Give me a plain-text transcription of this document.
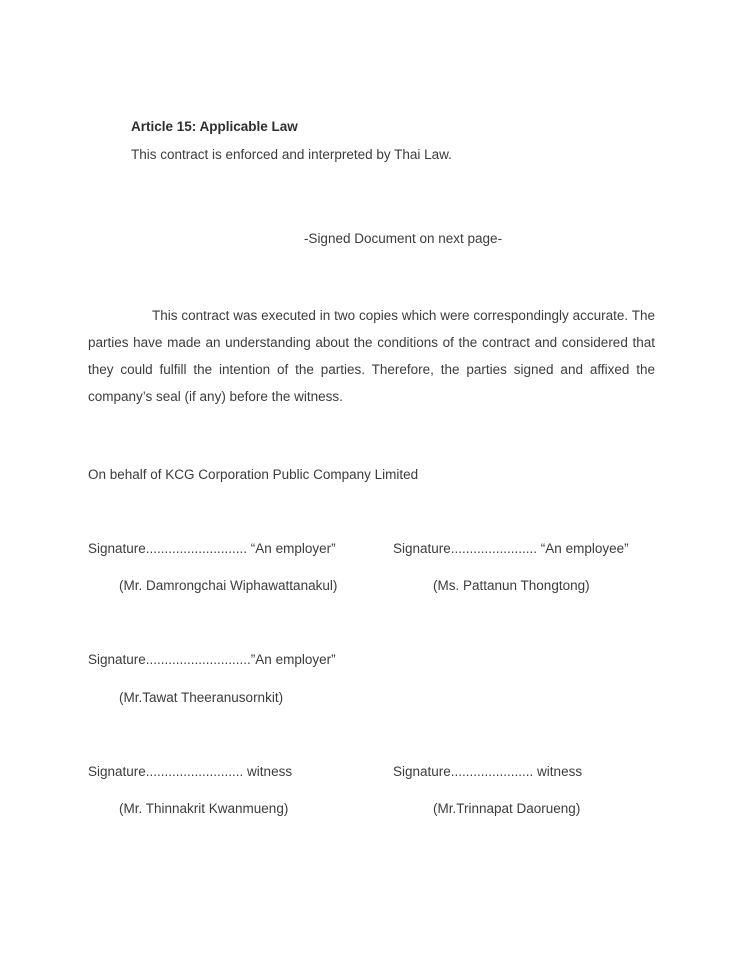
Article 15: Applicable Law
This contract is enforced and interpreted by Thai Law.
-Signed Document on next page-

This contract was executed in two copies which were correspondingly accurate. The parties have made an understanding about the conditions of the contract and considered that they could fulfill the intention of the parties. Therefore, the parties signed and affixed the company’s seal (if any) before the witness.

On behalf of KCG Corporation Public Company Limited
Signature........................... “An employer”	Signature....................... “An employee”
(Mr. Damrongchai Wiphawattanakul)	(Ms. Pattanun Thongtong)
Signature............................”An employer”
(Mr.Tawat Theeranusornkit)
Signature.......................... witness	Signature...................... witness
(Mr. Thinnakrit Kwanmueng)	(Mr.Trinnapat Daorueng)
